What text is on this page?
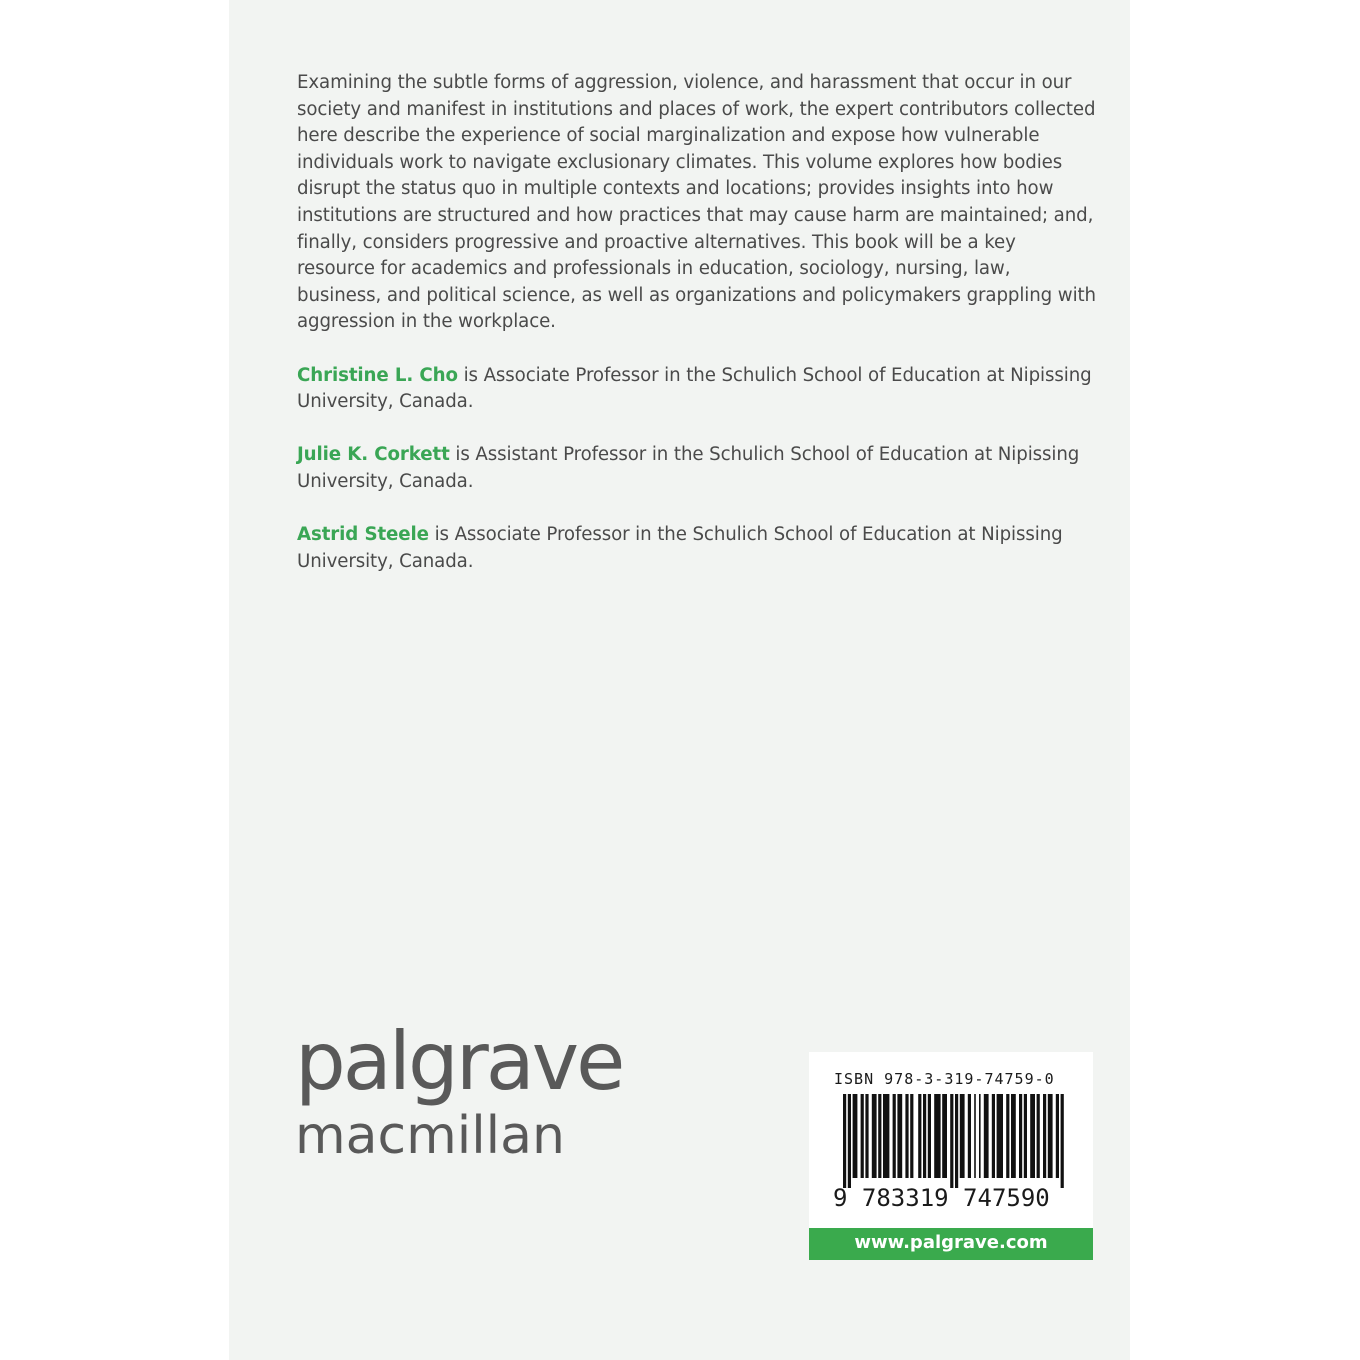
Examining the subtle forms of aggression, violence, and harassment that occur in our society and manifest in institutions and places of work, the expert contributors collected here describe the experience of social marginalization and expose how vulnerable individuals work to navigate exclusionary climates. This volume explores how bodies disrupt the status quo in multiple contexts and locations; provides insights into how institutions are structured and how practices that may cause harm are maintained; and, finally, considers progressive and proactive alternatives. This book will be a key resource for academics and professionals in education, sociology, nursing, law, business, and political science, as well as organizations and policymakers grappling with aggression in the workplace.

Christine L. Cho is Associate Professor in the Schulich School of Education at Nipissing University, Canada.

Julie K. Corkett is Assistant Professor in the Schulich School of Education at Nipissing University, Canada.

Astrid Steele is Associate Professor in the Schulich School of Education at Nipissing University, Canada.

palgrave
macmillan
ISBN 978-3-319-74759-0
9 783319 747590
www.palgrave.com
